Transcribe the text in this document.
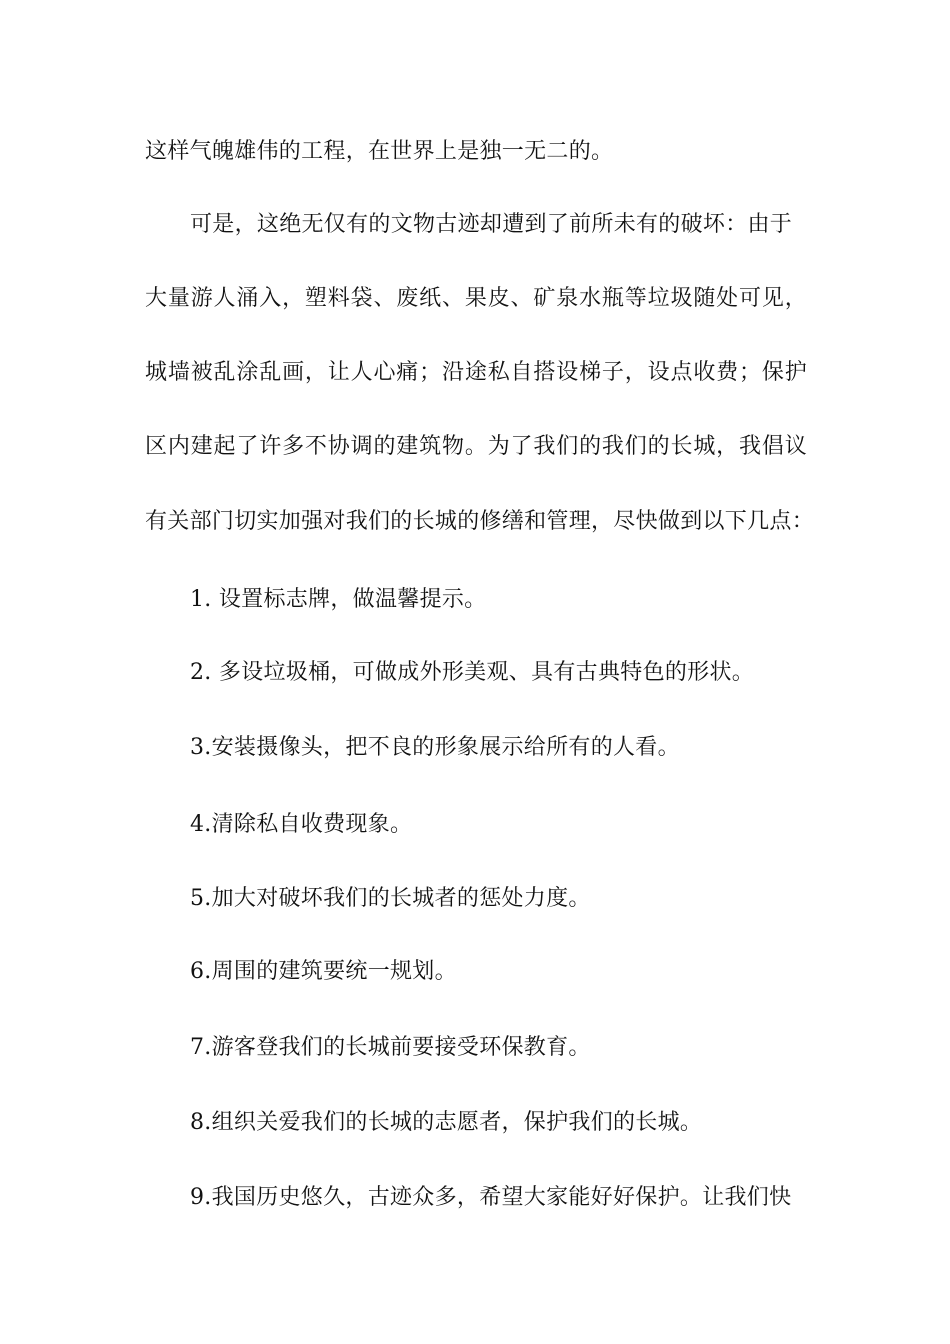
这样气魄雄伟的工程，在世界上是独一无二的。
可是，这绝无仅有的文物古迹却遭到了前所未有的破坏：由于
大量游人涌入，塑料袋、废纸、果皮、矿泉水瓶等垃圾随处可见，
城墙被乱涂乱画，让人心痛；沿途私自搭设梯子，设点收费；保护
区内建起了许多不协调的建筑物。为了我们的我们的长城，我倡议
有关部门切实加强对我们的长城的修缮和管理，尽快做到以下几点：
1. 设置标志牌，做温馨提示。
2. 多设垃圾桶，可做成外形美观、具有古典特色的形状。
3.安装摄像头，把不良的形象展示给所有的人看。
4.清除私自收费现象。
5.加大对破坏我们的长城者的惩处力度。
6.周围的建筑要统一规划。
7.游客登我们的长城前要接受环保教育。
8.组织关爱我们的长城的志愿者，保护我们的长城。
9.我国历史悠久，古迹众多，希望大家能好好保护。让我们快
